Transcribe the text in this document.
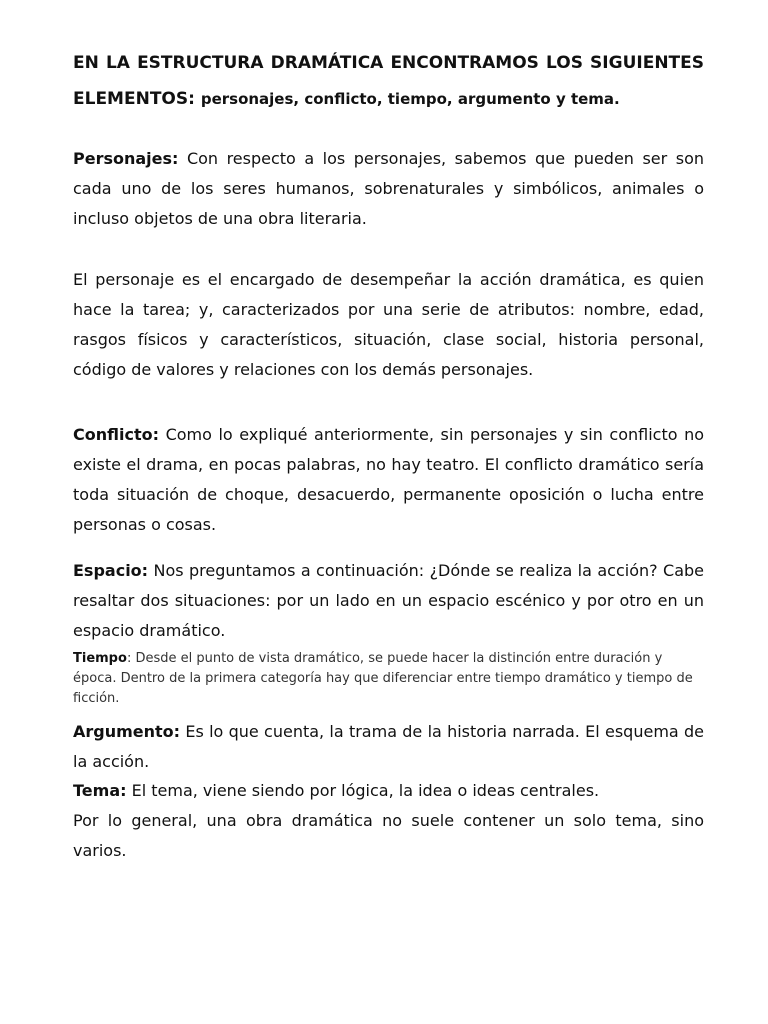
EN LA ESTRUCTURA DRAMÁTICA ENCONTRAMOS LOS SIGUIENTES

ELEMENTOS: personajes, conflicto, tiempo, argumento y tema.

Personajes: Con respecto a los personajes, sabemos que pueden ser son cada uno de los seres humanos, sobrenaturales y simbólicos, animales o incluso objetos de una obra literaria.

El personaje es el encargado de desempeñar la acción dramática, es quien hace la tarea; y, caracterizados por una serie de atributos: nombre, edad, rasgos físicos y característicos, situación, clase social, historia personal, código de valores y relaciones con los demás personajes.

Conflicto: Como lo expliqué anteriormente, sin personajes y sin conflicto no existe el drama, en pocas palabras, no hay teatro. El conflicto dramático sería toda situación de choque, desacuerdo, permanente oposición o lucha entre personas o cosas.

Espacio: Nos preguntamos a continuación: ¿Dónde se realiza la acción? Cabe resaltar dos situaciones: por un lado en un espacio escénico y por otro en un espacio dramático.

Tiempo: Desde el punto de vista dramático, se puede hacer la distinción entre duración y época. Dentro de la primera categoría hay que diferenciar entre tiempo dramático y tiempo de ficción.

Argumento: Es lo que cuenta, la trama de la historia narrada. El esquema de la acción.

Tema: El tema, viene siendo por lógica, la idea o ideas centrales.

Por lo general, una obra dramática no suele contener un solo tema, sino varios.
